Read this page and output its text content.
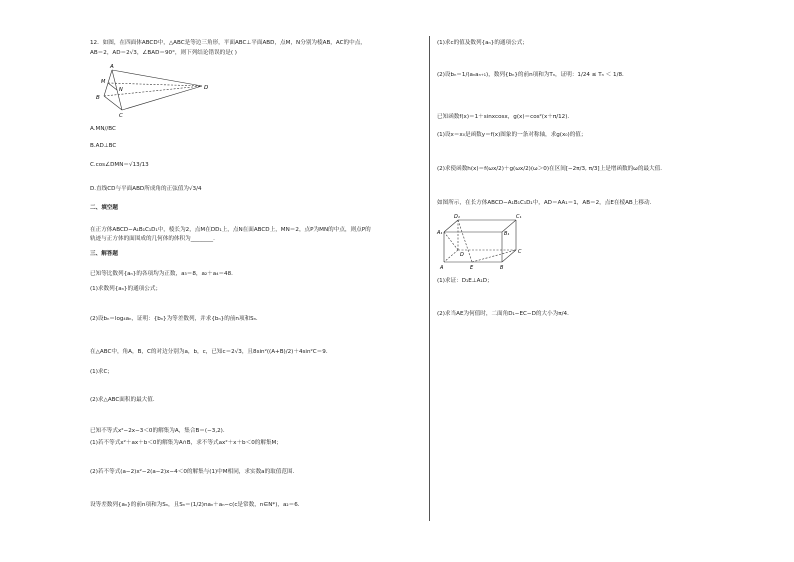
12．如图，在四面体ABCD中，△ABC是等边三角形，平面ABC⊥平面ABD，点M，N分别为棱AB，AC的中点，
AB＝2，AD＝2√3，∠BAD＝90°，则下列结论错误的是( )
A
B
C
D
M
N
A.MN//BC
B.AD⊥BC
C.cos∠DMN＝√13/13
D.直线CD与平面ABD所成角的正弦值为√3/4
二、填空题
在正方体ABCD−A₁B₁C₁D₁中，棱长为2，点M在DD₁上，点N在面ABCD上，MN＝2，点P为MN的中点，则点P的
轨迹与正方体的面围成的几何体的体积为________.
三、解答题
已知等比数列{aₙ}的各项均为正数，a₃＝8，a₂＋a₄＝48．
(1)求数列{aₙ}的通项公式；
(2)设bₙ＝log₄aₙ，证明：{bₙ}为等差数列，并求{bₙ}的前n项和Sₙ．
在△ABC中，角A，B，C的对边分别为a，b，c，已知c＝2√3，且8sin²((A+B)/2)＋4sin²C＝9．
(1)求C；
(2)求△ABC面积的最大值．
已知不等式x²−2x−3＜0的解集为A，集合B＝(−3,2)．
(1)若不等式x²＋ax＋b＜0的解集为A∩B，求不等式ax²＋x＋b＜0的解集M；
(2)若不等式(a−2)x²−2(a−2)x−4＜0的解集与(1)中M相同，求实数a的取值范围．
设等差数列{aₙ}的前n项和为Sₙ，且Sₙ＝(1/2)naₙ＋aₙ−c(c是常数，n∈N*)，a₂＝6．
(1)求c的值及数列{aₙ}的通项公式；
(2)设bₙ＝1/(aₙaₙ₊₁)，数列{bₙ}的前n项和为Tₙ，证明：1/24 ≤ Tₙ ＜ 1/8．
已知函数f(x)＝1＋sinxcosx，g(x)＝cos²(x＋π/12)．
(1)设x＝x₀是函数y＝f(x)图象的一条对称轴，求g(x₀)的值；
(2)求使函数h(x)＝f(ωx/2)＋g(ωx/2)(ω＞0)在区间[−2π/3, π/3]上是增函数的ω的最大值．
如图所示，在长方体ABCD−A₁B₁C₁D₁中，AD＝AA₁＝1，AB＝2，点E在棱AB上移动．
A₁	B₁
C₁
D₁
A	B
C
D
E
(1)求证：D₁E⊥A₁D；
(2)求当AE为何值时，二面角D₁−EC−D的大小为π/4．
